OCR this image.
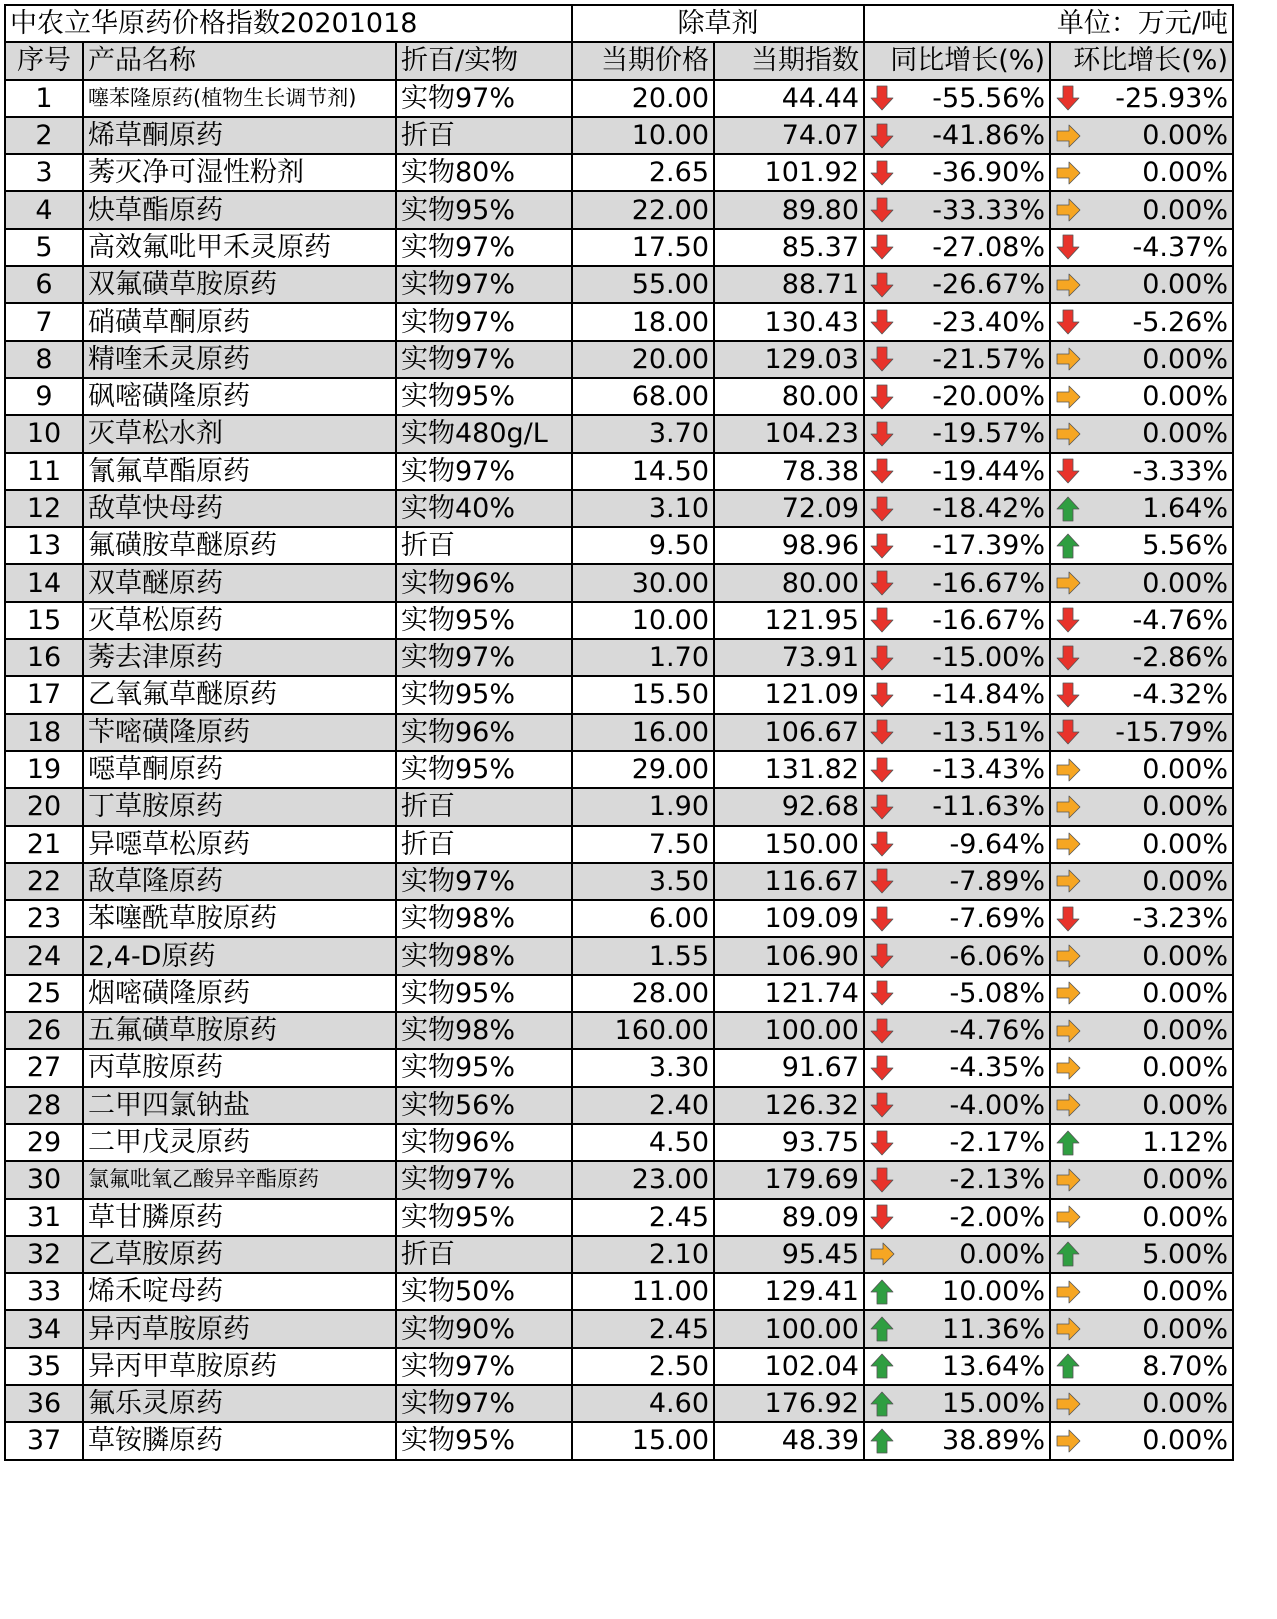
中农立华原药价格指数20201018			除草剂		单位：万元/吨	
序号	产品名称	折百/实物	当期价格	当期指数	同比增长(%)	环比增长(%)
1	噻苯隆原药(植物生长调节剂)	实物97%	20.00	44.44	-55.56%	-25.93%
2	烯草酮原药	折百	10.00	74.07	-41.86%	0.00%
3	莠灭净可湿性粉剂	实物80%	2.65	101.92	-36.90%	0.00%
4	炔草酯原药	实物95%	22.00	89.80	-33.33%	0.00%
5	高效氟吡甲禾灵原药	实物97%	17.50	85.37	-27.08%	-4.37%
6	双氟磺草胺原药	实物97%	55.00	88.71	-26.67%	0.00%
7	硝磺草酮原药	实物97%	18.00	130.43	-23.40%	-5.26%
8	精喹禾灵原药	实物97%	20.00	129.03	-21.57%	0.00%
9	砜嘧磺隆原药	实物95%	68.00	80.00	-20.00%	0.00%
10	灭草松水剂	实物480g/L	3.70	104.23	-19.57%	0.00%
11	氰氟草酯原药	实物97%	14.50	78.38	-19.44%	-3.33%
12	敌草快母药	实物40%	3.10	72.09	-18.42%	1.64%
13	氟磺胺草醚原药	折百	9.50	98.96	-17.39%	5.56%
14	双草醚原药	实物96%	30.00	80.00	-16.67%	0.00%
15	灭草松原药	实物95%	10.00	121.95	-16.67%	-4.76%
16	莠去津原药	实物97%	1.70	73.91	-15.00%	-2.86%
17	乙氧氟草醚原药	实物95%	15.50	121.09	-14.84%	-4.32%
18	苄嘧磺隆原药	实物96%	16.00	106.67	-13.51%	-15.79%
19	噁草酮原药	实物95%	29.00	131.82	-13.43%	0.00%
20	丁草胺原药	折百	1.90	92.68	-11.63%	0.00%
21	异噁草松原药	折百	7.50	150.00	-9.64%	0.00%
22	敌草隆原药	实物97%	3.50	116.67	-7.89%	0.00%
23	苯噻酰草胺原药	实物98%	6.00	109.09	-7.69%	-3.23%
24	2,4-D原药	实物98%	1.55	106.90	-6.06%	0.00%
25	烟嘧磺隆原药	实物95%	28.00	121.74	-5.08%	0.00%
26	五氟磺草胺原药	实物98%	160.00	100.00	-4.76%	0.00%
27	丙草胺原药	实物95%	3.30	91.67	-4.35%	0.00%
28	二甲四氯钠盐	实物56%	2.40	126.32	-4.00%	0.00%
29	二甲戊灵原药	实物96%	4.50	93.75	-2.17%	1.12%
30	氯氟吡氧乙酸异辛酯原药	实物97%	23.00	179.69	-2.13%	0.00%
31	草甘膦原药	实物95%	2.45	89.09	-2.00%	0.00%
32	乙草胺原药	折百	2.10	95.45	0.00%	5.00%
33	烯禾啶母药	实物50%	11.00	129.41	10.00%	0.00%
34	异丙草胺原药	实物90%	2.45	100.00	11.36%	0.00%
35	异丙甲草胺原药	实物97%	2.50	102.04	13.64%	8.70%
36	氟乐灵原药	实物97%	4.60	176.92	15.00%	0.00%
37	草铵膦原药	实物95%	15.00	48.39	38.89%	0.00%
